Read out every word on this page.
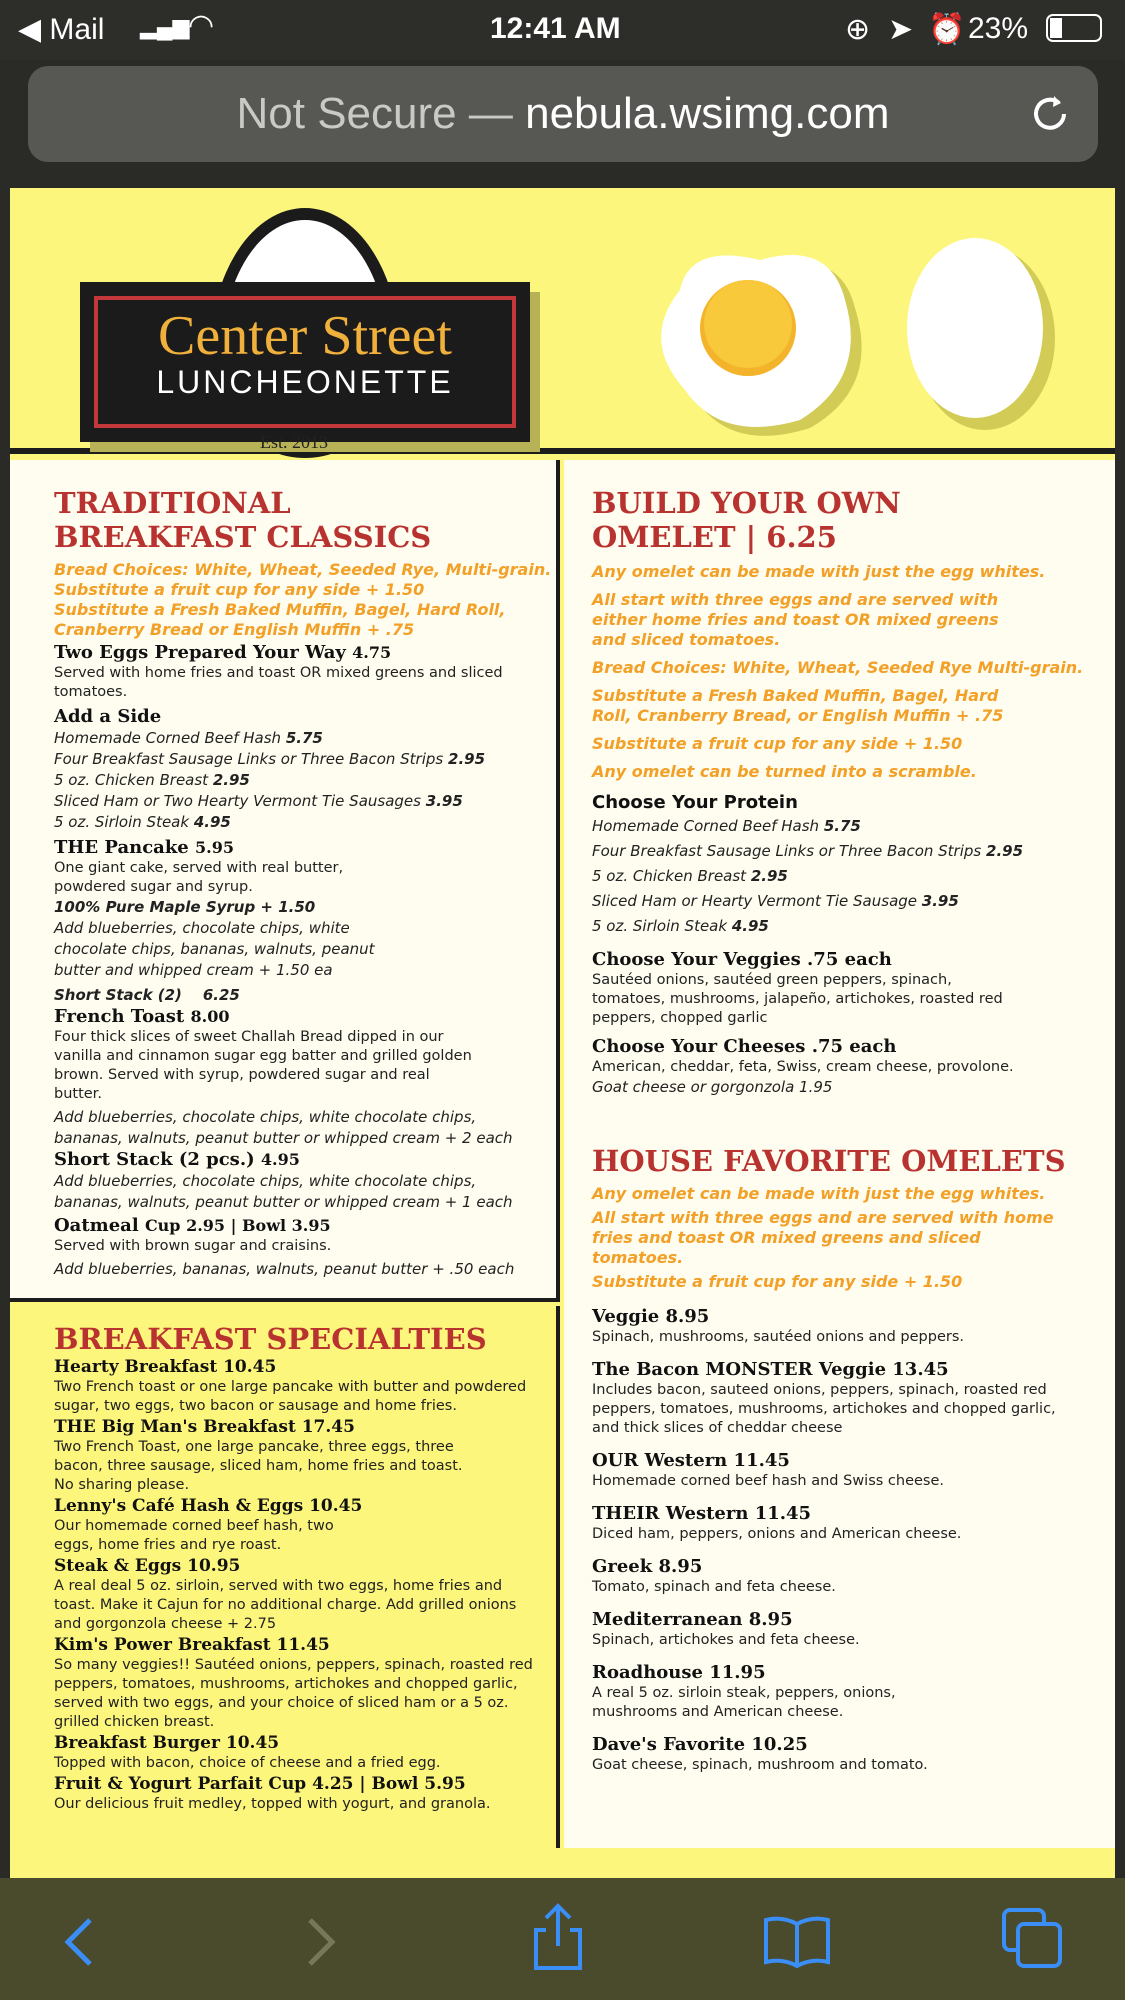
◀ Mail ▂▄▆
◠	12:41 AM	⊕ ➤ ⏰ 23%
Not Secure — nebula.wsimg.com
Center Street
LUNCHEONETTE
Est. 2013
TRADITIONAL
BREAKFAST CLASSICS
Bread Choices: White, Wheat, Seeded Rye, Multi-grain.
Substitute a fruit cup for any side + 1.50
Substitute a Fresh Baked Muffin, Bagel, Hard Roll,
Cranberry Bread or English Muffin + .75
Two Eggs Prepared Your Way 4.75
Served with home fries and toast OR mixed greens and sliced tomatoes.
Add a Side
Homemade Corned Beef Hash 5.75
Four Breakfast Sausage Links or Three Bacon Strips 2.95
5 oz. Chicken Breast 2.95
Sliced Ham or Two Hearty Vermont Tie Sausages 3.95
5 oz. Sirloin Steak 4.95
THE Pancake 5.95
One giant cake, served with real butter, powdered sugar and syrup.
100% Pure Maple Syrup + 1.50
Add blueberries, chocolate chips, white chocolate chips, bananas, walnuts, peanut butter and whipped cream + 1.50 ea
Short Stack (2) 6.25
French Toast 8.00
Four thick slices of sweet Challah Bread dipped in our vanilla and cinnamon sugar egg batter and grilled golden brown. Served with syrup, powdered sugar and real butter.
Add blueberries, chocolate chips, white chocolate chips, bananas, walnuts, peanut butter or whipped cream + 2 each
Short Stack (2 pcs.) 4.95
Add blueberries, chocolate chips, white chocolate chips, bananas, walnuts, peanut butter or whipped cream + 1 each
Oatmeal Cup 2.95 | Bowl 3.95
Served with brown sugar and craisins.
Add blueberries, bananas, walnuts, peanut butter + .50 each
BREAKFAST SPECIALTIES
Hearty Breakfast 10.45
Two French toast or one large pancake with butter and powdered sugar, two eggs, two bacon or sausage and home fries.
THE Big Man's Breakfast 17.45
Two French Toast, one large pancake, three eggs, three bacon, three sausage, sliced ham, home fries and toast. No sharing please.
Lenny's Café Hash & Eggs 10.45
Our homemade corned beef hash, two eggs, home fries and rye roast.
Steak & Eggs 10.95
A real deal 5 oz. sirloin, served with two eggs, home fries and toast. Make it Cajun for no additional charge. Add grilled onions and gorgonzola cheese + 2.75
Kim's Power Breakfast 11.45
So many veggies!! Sautéed onions, peppers, spinach, roasted red peppers, tomatoes, mushrooms, artichokes and chopped garlic, served with two eggs, and your choice of sliced ham or a 5 oz. grilled chicken breast.
Breakfast Burger 10.45
Topped with bacon, choice of cheese and a fried egg.
Fruit & Yogurt Parfait Cup 4.25 | Bowl 5.95
Our delicious fruit medley, topped with yogurt, and granola.
BUILD YOUR OWN
OMELET | 6.25
Any omelet can be made with just the egg whites.
All start with three eggs and are served with either home fries and toast OR mixed greens and sliced tomatoes.
Bread Choices: White, Wheat, Seeded Rye Multi-grain.
Substitute a Fresh Baked Muffin, Bagel, Hard Roll, Cranberry Bread, or English Muffin + .75
Substitute a fruit cup for any side + 1.50
Any omelet can be turned into a scramble.
Choose Your Protein
Homemade Corned Beef Hash 5.75
Four Breakfast Sausage Links or Three Bacon Strips 2.95
5 oz. Chicken Breast 2.95
Sliced Ham or Hearty Vermont Tie Sausage 3.95
5 oz. Sirloin Steak 4.95
Choose Your Veggies .75 each
Sautéed onions, sautéed green peppers, spinach, tomatoes, mushrooms, jalapeño, artichokes, roasted red peppers, chopped garlic
Choose Your Cheeses .75 each
American, cheddar, feta, Swiss, cream cheese, provolone.
Goat cheese or gorgonzola 1.95
HOUSE FAVORITE OMELETS
Any omelet can be made with just the egg whites.
All start with three eggs and are served with home fries and toast OR mixed greens and sliced tomatoes.
Substitute a fruit cup for any side + 1.50
Veggie 8.95
Spinach, mushrooms, sautéed onions and peppers.
The Bacon MONSTER Veggie 13.45
Includes bacon, sauteed onions, peppers, spinach, roasted red peppers, tomatoes, mushrooms, artichokes and chopped garlic, and thick slices of cheddar cheese
OUR Western 11.45
Homemade corned beef hash and Swiss cheese.
THEIR Western 11.45
Diced ham, peppers, onions and American cheese.
Greek 8.95
Tomato, spinach and feta cheese.
Mediterranean 8.95
Spinach, artichokes and feta cheese.
Roadhouse 11.95
A real 5 oz. sirloin steak, peppers, onions, mushrooms and American cheese.
Dave's Favorite 10.25
Goat cheese, spinach, mushroom and tomato.
